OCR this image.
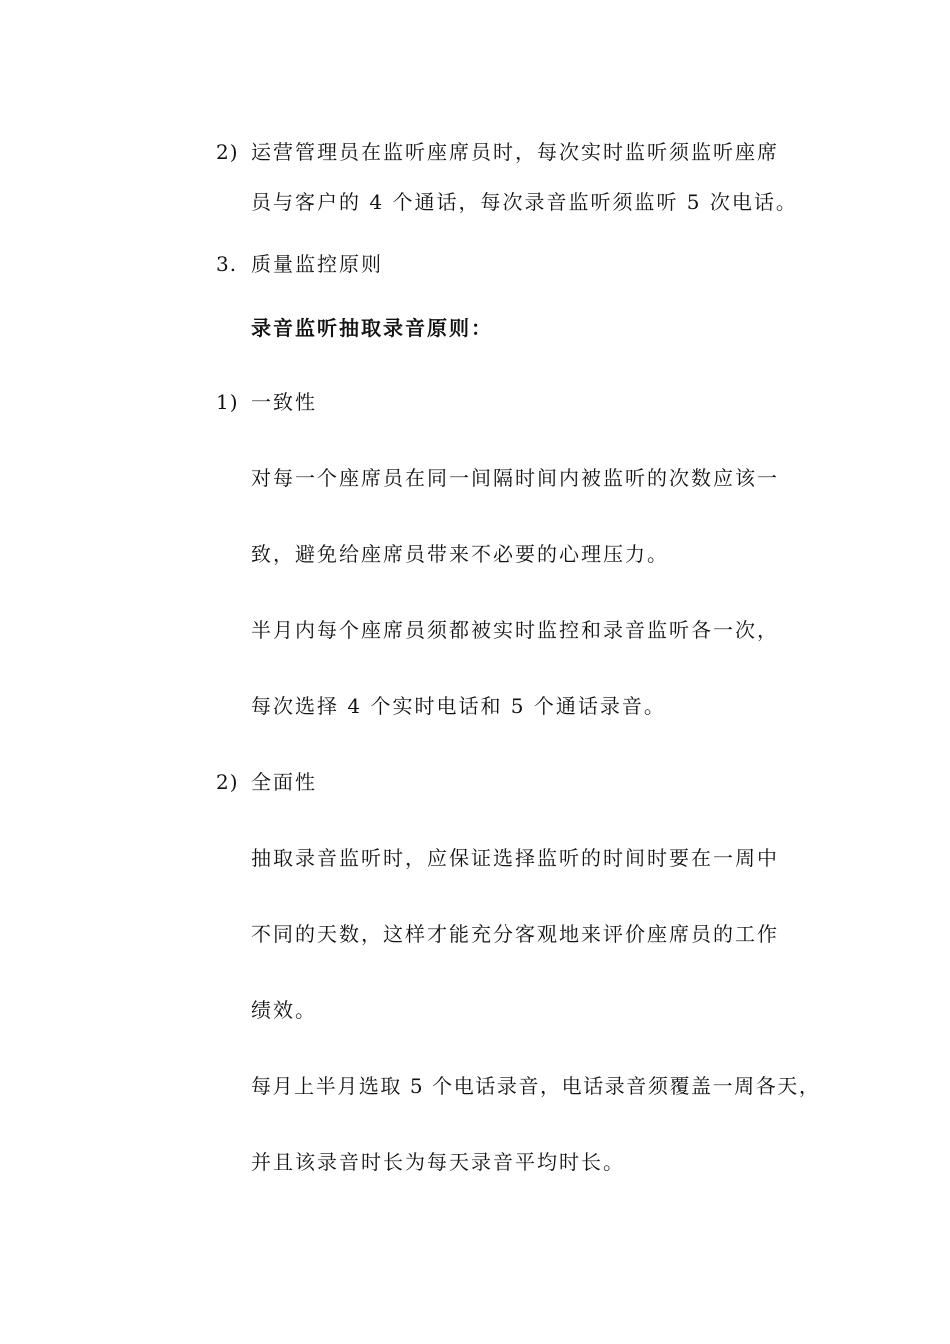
2) 运营管理员在监听座席员时，每次实时监听须监听座席
员与客户的 4 个通话，每次录音监听须监听 5 次电话。
3. 质量监控原则
录音监听抽取录音原则：
1) 一致性
对每一个座席员在同一间隔时间内被监听的次数应该一
致，避免给座席员带来不必要的心理压力。
半月内每个座席员须都被实时监控和录音监听各一次，
每次选择 4 个实时电话和 5 个通话录音。
2) 全面性
抽取录音监听时，应保证选择监听的时间时要在一周中
不同的天数，这样才能充分客观地来评价座席员的工作
绩效。
每月上半月选取 5 个电话录音，电话录音须覆盖一周各天，
并且该录音时长为每天录音平均时长。
